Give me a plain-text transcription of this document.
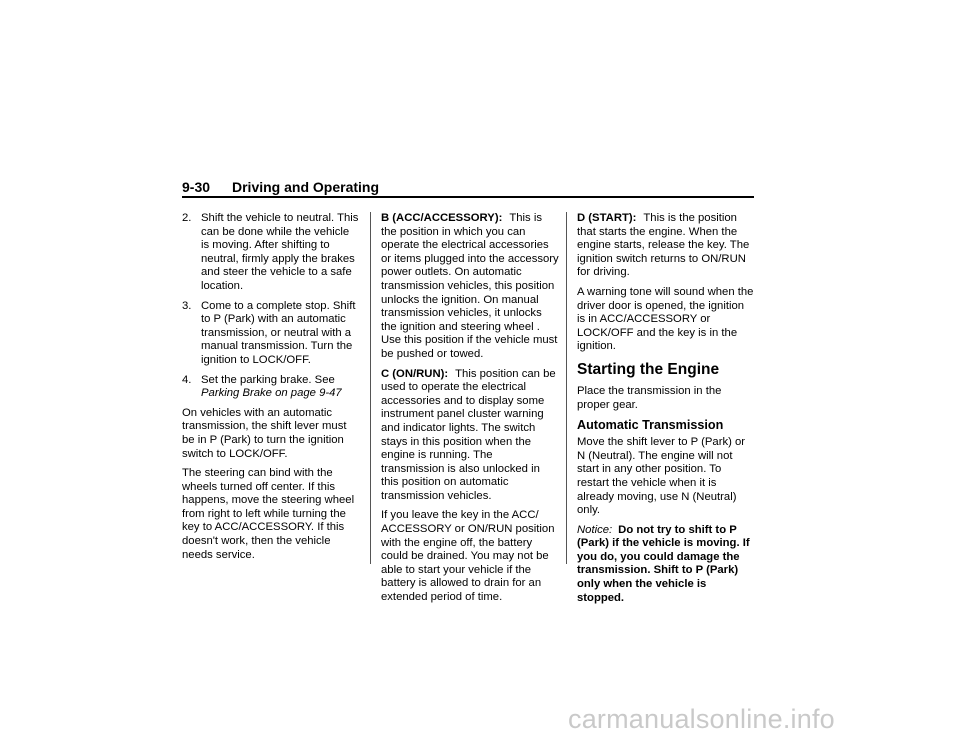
9-30 Driving and Operating
2. Shift the vehicle to neutral. This can be done while the vehicle is moving. After shifting to neutral, firmly apply the brakes and steer the vehicle to a safe location.
3. Come to a complete stop. Shift to P (Park) with an automatic transmission, or neutral with a manual transmission. Turn the ignition to LOCK/OFF.
4. Set the parking brake. See
Parking Brake on page 9-47

On vehicles with an automatic transmission, the shift lever must be in P (Park) to turn the ignition switch to LOCK/OFF.

The steering can bind with the wheels turned off center. If this happens, move the steering wheel from right to left while turning the key to ACC/ACCESSORY. If this doesn't work, then the vehicle needs service.

B (ACC/ACCESSORY): This is the position in which you can operate the electrical accessories or items plugged into the accessory power outlets. On automatic transmission vehicles, this position unlocks the ignition. On manual transmission vehicles, it unlocks the ignition and steering wheel . Use this position if the vehicle must be pushed or towed.

C (ON/RUN): This position can be used to operate the electrical accessories and to display some instrument panel cluster warning and indicator lights. The switch stays in this position when the engine is running. The transmission is also unlocked in this position on automatic transmission vehicles.

If you leave the key in the ACC/ ACCESSORY or ON/RUN position with the engine off, the battery could be drained. You may not be able to start your vehicle if the battery is allowed to drain for an extended period of time.

D (START): This is the position that starts the engine. When the engine starts, release the key. The ignition switch returns to ON/RUN for driving.

A warning tone will sound when the driver door is opened, the ignition is in ACC/ACCESSORY or LOCK/OFF and the key is in the ignition.

Starting the Engine

Place the transmission in the proper gear.

Automatic Transmission

Move the shift lever to P (Park) or N (Neutral). The engine will not start in any other position. To restart the vehicle when it is already moving, use N (Neutral) only.

Notice: Do not try to shift to P (Park) if the vehicle is moving. If you do, you could damage the transmission. Shift to P (Park) only when the vehicle is stopped.

carmanualsonline.info
